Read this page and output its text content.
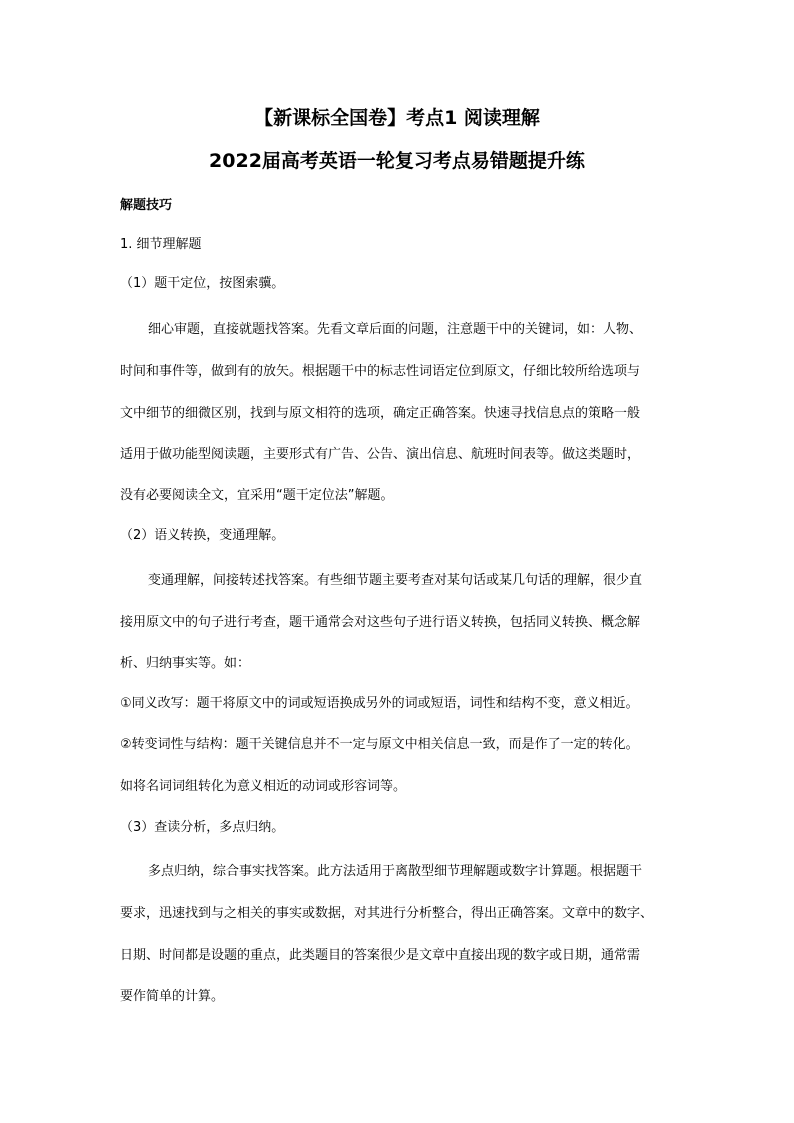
【新课标全国卷】考点1 阅读理解
2022届高考英语一轮复习考点易错题提升练
解题技巧
1. 细节理解题
（1）题干定位，按图索骥。
细心审题，直接就题找答案。先看文章后面的问题，注意题干中的关键词，如：人物、
时间和事件等，做到有的放矢。根据题干中的标志性词语定位到原文，仔细比较所给选项与
文中细节的细微区别，找到与原文相符的选项，确定正确答案。快速寻找信息点的策略一般
适用于做功能型阅读题，主要形式有广告、公告、演出信息、航班时间表等。做这类题时，
没有必要阅读全文，宜采用“题干定位法”解题。
（2）语义转换，变通理解。
变通理解，间接转述找答案。有些细节题主要考查对某句话或某几句话的理解，很少直
接用原文中的句子进行考查，题干通常会对这些句子进行语义转换，包括同义转换、概念解
析、归纳事实等。如：
①同义改写：题干将原文中的词或短语换成另外的词或短语，词性和结构不变，意义相近。
②转变词性与结构：题干关键信息并不一定与原文中相关信息一致，而是作了一定的转化。
如将名词词组转化为意义相近的动词或形容词等。
（3）查读分析，多点归纳。
多点归纳，综合事实找答案。此方法适用于离散型细节理解题或数字计算题。根据题干
要求，迅速找到与之相关的事实或数据，对其进行分析整合，得出正确答案。文章中的数字、
日期、时间都是设题的重点，此类题目的答案很少是文章中直接出现的数字或日期，通常需
要作简单的计算。
